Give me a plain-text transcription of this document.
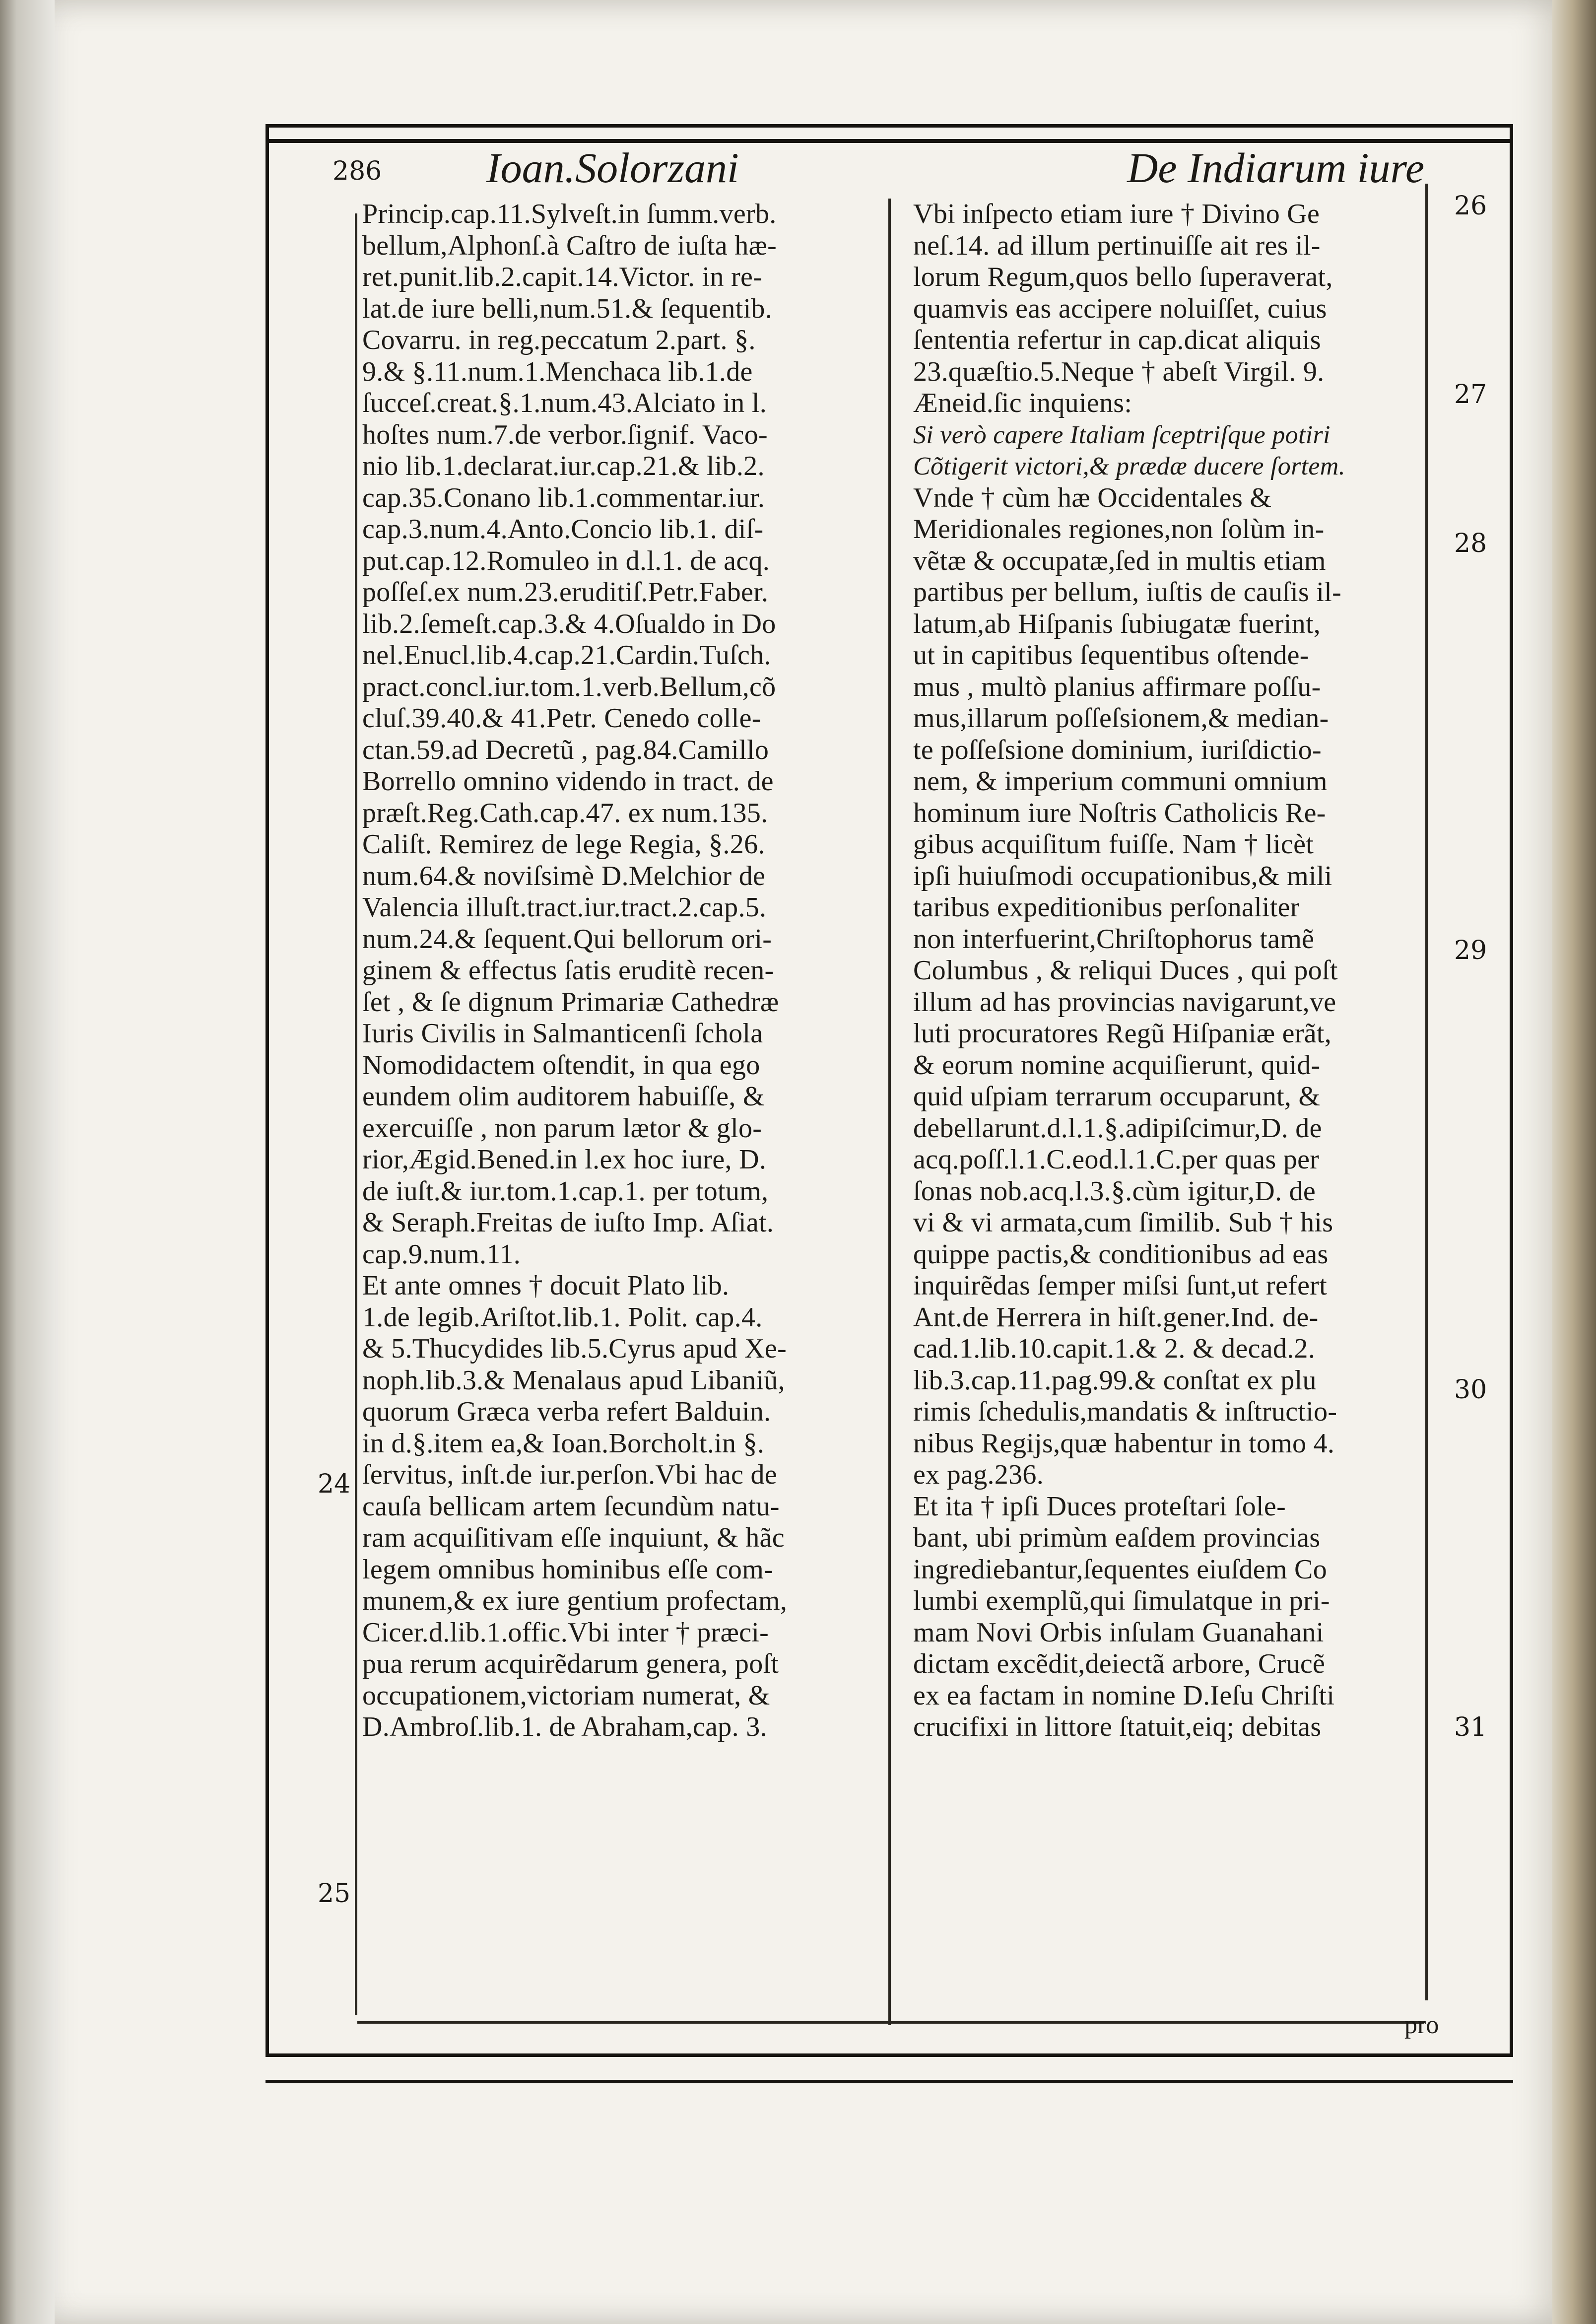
286 Ioan.Solorzani	De Indiarum iure
Princip.cap.11.Sylveſt.in ſumm.verb.
bellum,Alphonſ.à Caſtro de iuſta hæ-
ret.punit.lib.2.capit.14.Victor. in re-
lat.de iure belli,num.51.& ſequentib.
Covarru. in reg.peccatum 2.part. §.
9.& §.11.num.1.Menchaca lib.1.de
ſucceſ.creat.§.1.num.43.Alciato in l.
hoſtes num.7.de verbor.ſignif. Vaco-
nio lib.1.declarat.iur.cap.21.& lib.2.
cap.35.Conano lib.1.commentar.iur.
cap.3.num.4.Anto.Concio lib.1. diſ-
put.cap.12.Romuleo in d.l.1. de acq.
poſſeſ.ex num.23.eruditiſ.Petr.Faber.
lib.2.ſemeſt.cap.3.& 4.Oſualdo in Do
nel.Enucl.lib.4.cap.21.Cardin.Tuſch.
pract.concl.iur.tom.1.verb.Bellum,cõ
cluſ.39.40.& 41.Petr. Cenedo colle-
ctan.59.ad Decretũ , pag.84.Camillo
Borrello omnino videndo in tract. de
præſt.Reg.Cath.cap.47. ex num.135.
Caliſt. Remirez de lege Regia, §.26.
num.64.& noviſsimè D.Melchior de
Valencia illuſt.tract.iur.tract.2.cap.5.
num.24.& ſequent.Qui bellorum ori-
ginem & effectus ſatis eruditè recen-
ſet , & ſe dignum Primariæ Cathedræ
Iuris Civilis in Salmanticenſi ſchola
Nomodidactem oſtendit, in qua ego
eundem olim auditorem habuiſſe, &
exercuiſſe , non parum lætor & glo-
rior,Ægid.Bened.in l.ex hoc iure, D.
de iuſt.& iur.tom.1.cap.1. per totum,
& Seraph.Freitas de iuſto Imp. Aſiat.
cap.9.num.11.
Et ante omnes † docuit Plato lib.
1.de legib.Ariſtot.lib.1. Polit. cap.4.
& 5.Thucydides lib.5.Cyrus apud Xe-
noph.lib.3.& Menalaus apud Libaniũ,
quorum Græca verba refert Balduin.
in d.§.item ea,& Ioan.Borcholt.in §.
ſervitus, inſt.de iur.perſon.Vbi hac de
cauſa bellicam artem ſecundùm natu-
ram acquiſitivam eſſe inquiunt, & hãc
legem omnibus hominibus eſſe com-
munem,& ex iure gentium profectam,
Cicer.d.lib.1.offic.Vbi inter † præci-
pua rerum acquirẽdarum genera, poſt
occupationem,victoriam numerat, &
D.Ambroſ.lib.1. de Abraham,cap. 3.
Vbi inſpecto etiam iure † Divino Ge
neſ.14. ad illum pertinuiſſe ait res il-
lorum Regum,quos bello ſuperaverat,
quamvis eas accipere noluiſſet, cuius
ſententia refertur in cap.dicat aliquis
23.quæſtio.5.Neque † abeſt Virgil. 9.
Æneid.ſic inquiens:
Si verò capere Italiam ſceptriſque potiri
Cõtigerit victori,& prædæ ducere ſortem.
Vnde † cùm hæ Occidentales &
Meridionales regiones,non ſolùm in-
vẽtæ & occupatæ,ſed in multis etiam
partibus per bellum, iuſtis de cauſis il-
latum,ab Hiſpanis ſubiugatæ fuerint,
ut in capitibus ſequentibus oſtende-
mus , multò planius affirmare poſſu-
mus,illarum poſſeſsionem,& median-
te poſſeſsione dominium, iuriſdictio-
nem, & imperium communi omnium
hominum iure Noſtris Catholicis Re-
gibus acquiſitum fuiſſe. Nam † licèt
ipſi huiuſmodi occupationibus,& mili
taribus expeditionibus perſonaliter
non interfuerint,Chriſtophorus tamẽ
Columbus , & reliqui Duces , qui poſt
illum ad has provincias navigarunt,ve
luti procuratores Regũ Hiſpaniæ erãt,
& eorum nomine acquiſierunt, quid-
quid uſpiam terrarum occuparunt, &
debellarunt.d.l.1.§.adipiſcimur,D. de
acq.poſſ.l.1.C.eod.l.1.C.per quas per
ſonas nob.acq.l.3.§.cùm igitur,D. de
vi & vi armata,cum ſimilib. Sub † his
quippe pactis,& conditionibus ad eas
inquirẽdas ſemper miſsi ſunt,ut refert
Ant.de Herrera in hiſt.gener.Ind. de-
cad.1.lib.10.capit.1.& 2. & decad.2.
lib.3.cap.11.pag.99.& conſtat ex plu
rimis ſchedulis,mandatis & inſtructio-
nibus Regijs,quæ habentur in tomo 4.
ex pag.236.
Et ita † ipſi Duces proteſtari ſole-
bant, ubi primùm eaſdem provincias
ingrediebantur,ſequentes eiuſdem Co
lumbi exemplũ,qui ſimulatque in pri-
mam Novi Orbis inſulam Guanahani
dictam excẽdit,deiectã arbore, Crucẽ
ex ea factam in nomine D.Ieſu Chriſti
crucifixi in littore ſtatuit,eiq; debitas
24
25
26
27
28
29
30
31
pro
